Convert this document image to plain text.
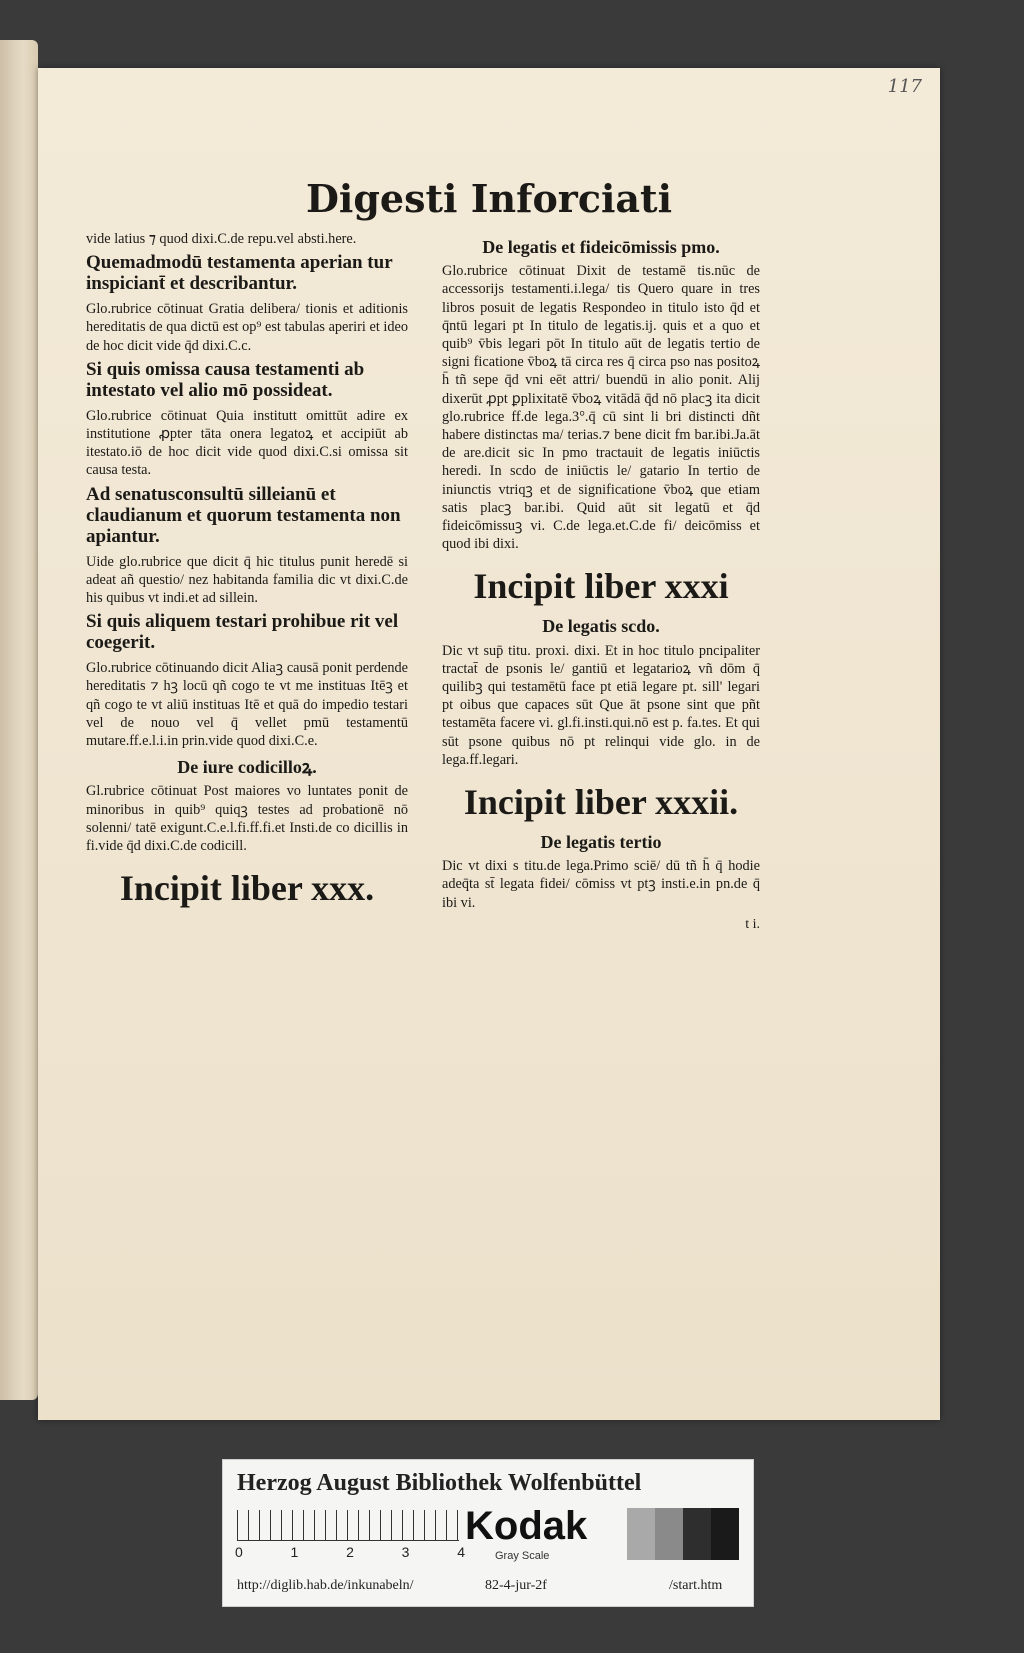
117
Digesti Inforciati

vide latius ⁊ quod dixi.C.de repu.vel absti.here.

Quemadmodū testamenta aperian tur inspiciant̄ et describantur.

Glo.rubrice cōtinuat Gratia delibera/ tionis et aditionis hereditatis de qua dictū est op⁹ est tabulas aperiri et ideo de hoc dicit vide q̄d dixi.C.c.

Si quis omissa causa testamenti ab intestato vel alio mō possideat.

Glo.rubrice cōtinuat Quia institutt omittūt adire ex institutione ꝓpter tāta onera legatoꝝ et accipiūt ab itestato.iō de hoc dicit vide quod dixi.C.si omissa sit causa testa.

Ad senatusconsultū silleianū et claudianum et quorum testamenta non apiantur.

Uide glo.rubrice que dicit q̄ hic titulus punit heredē si adeat añ questio/ nez habitanda familia dic vt dixi.C.de his quibus vt indi.et ad sillein.

Si quis aliquem testari prohibue rit vel coegerit.

Glo.rubrice cōtinuando dicit Aliaꝫ causā ponit perdende hereditatis ⁊ hꝫ locū qñ cogo te vt me instituas Itēꝫ et qñ cogo te vt aliū instituas Itē et quā do impedio testari vel de nouo vel q̄ vellet pmū testamentū mutare.ff.e.l.i.in prin.vide quod dixi.C.e.

De iure codicilloꝝ.

Gl.rubrice cōtinuat Post maiores vo luntates ponit de minoribus in quib⁹ quiqꝫ testes ad probationē nō solenni/ tatē exigunt.C.e.l.fi.ff.fi.et Insti.de co dicillis in fi.vide q̄d dixi.C.de codicill.

Incipit liber xxx.
De legatis et fideicōmissis pmo.

Glo.rubrice cōtinuat Dixit de testamē tis.nūc de accessorijs testamenti.i.lega/ tis Quero quare in tres libros posuit de legatis Respondeo in titulo isto q̄d et q̄ntū legari pt In titulo de legatis.ij. quis et a quo et quib⁹ v̄bis legari pōt In titulo aūt de legatis tertio de signi ficatione v̄boꝝ tā circa res q̄ circa pso nas positoꝝ h̄ tñ sepe q̄d vni eēt attri/ buendū in alio ponit. Alij dixerūt ꝓpt ꝑplixitatē v̄boꝝ vitādā q̄d nō placꝫ ita dicit glo.rubrice ff.de lega.3°.q̄ cū sint li bri distincti dñt habere distinctas ma/ terias.⁊ bene dicit fm bar.ibi.Ja.āt de are.dicit sic In pmo tractauit de legatis iniūctis heredi. In scdo de iniūctis le/ gatario In tertio de iniunctis vtriqꝫ et de significatione v̄boꝝ que etiam satis placꝫ bar.ibi. Quid aūt sit legatū et q̄d fideicōmissuꝫ vi. C.de lega.et.C.de fi/ deicōmiss et quod ibi dixi.

Incipit liber xxxi
De legatis scdo.

Dic vt sup̄ titu. proxi. dixi. Et in hoc titulo pncipaliter tractat̄ de psonis le/ gantiū et legatarioꝝ vñ dōm q̄ quilibꝫ qui testamētū face pt etiā legare pt. sill' legari pt oibus que capaces sūt Que āt psone sint que pñt testamēta facere vi. gl.fi.insti.qui.nō est p. fa.tes. Et qui sūt psone quibus nō pt relinqui vide glo. in de lega.ff.legari.

Incipit liber xxxii.
De legatis tertio

Dic vt dixi s titu.de lega.Primo sciē/ dū tñ h̄ q̄ hodie adeq̄ta st̄ legata fidei/ cōmiss vt ptꝫ insti.e.in pn.de q̄ ibi vi.

t i.
Herzog August Bibliothek Wolfenbüttel
0	1	2	3	4
Kodak
Gray Scale
http://diglib.hab.de/inkunabeln/	82-4-jur-2f	/start.htm
